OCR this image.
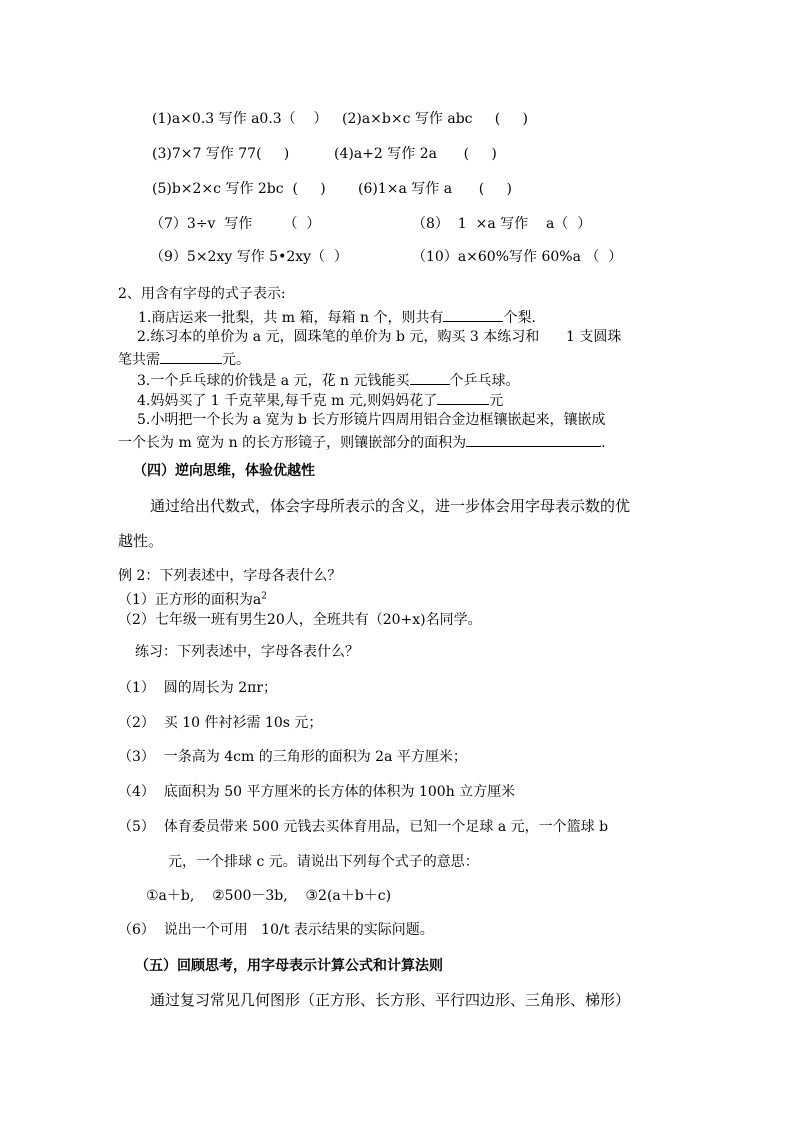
(1)a×0.3 写作 a0.3（    ） (2)a×b×c 写作 abc     (     )
(3)7×7 写作 77(     )	(4)a+2 写作 2a      (     )
(5)b×2×c 写作 2bc  (     ) (6)1×a 写作 a      (     )
（7）3÷v  写作       （  ）	（8）  1  ×a 写作    a（  ）
（9）5×2xy 写作 5•2xy（  ）	（10）a×60%写作 60%a （  ）
2、用含有字母的式子表示:
1.商店运来一批梨，共 m 箱，每箱 n 个，则共有	个梨.
2.练习本的单价为 a 元，圆珠笔的单价为 b 元，购买 3 本练习和      1 支圆珠
笔共需	元。
3.一个乒乓球的价钱是 a 元，花 n 元钱能买	个乒乓球。
4.妈妈买了 1 千克苹果,每千克 m 元,则妈妈花了	元
5.小明把一个长为 a 宽为 b 长方形镜片四周用铝合金边框镶嵌起来，镶嵌成
一个长为 m 宽为 n 的长方形镜子，则镶嵌部分的面积为	.
（四）逆向思维，体验优越性
通过给出代数式，体会字母所表示的含义，进一步体会用字母表示数的优
越性。
例 2：下列表述中，字母各表什么？
（1）正方形的面积为$a^2$
（2）七年级一班有男生20人，全班共有（20+x)名同学。
练习：下列表述中，字母各表什么？
（1）  圆的周长为 2πr；
（2）  买 10 件衬衫需 10s 元；
（3）  一条高为 4cm 的三角形的面积为 2a 平方厘米；
（4）  底面积为 50 平方厘米的长方体的体积为 100h 立方厘米
（5）  体育委员带来 500 元钱去买体育用品，已知一个足球 a 元，一个篮球 b
元，一个排球 c 元。请说出下列每个式子的意思：
①a＋b,    ②500－3b,    ③2(a＋b＋c)
（6）  说出一个可用   10/t 表示结果的实际问题。
（五）回顾思考，用字母表示计算公式和计算法则
通过复习常见几何图形（正方形、长方形、平行四边形、三角形、梯形）
